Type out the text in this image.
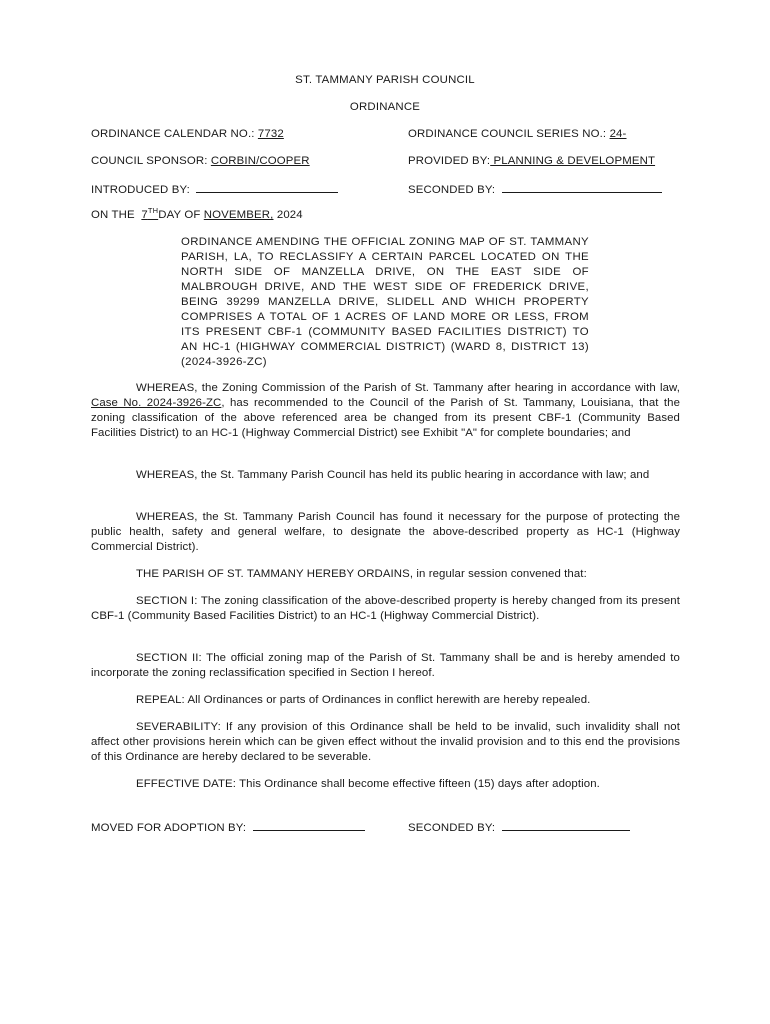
ST. TAMMANY PARISH COUNCIL
ORDINANCE
ORDINANCE CALENDAR NO.: 7732	ORDINANCE COUNCIL SERIES NO.: 24-
COUNCIL SPONSOR: CORBIN/COOPER	PROVIDED BY: PLANNING & DEVELOPMENT
INTRODUCED BY:	SECONDED BY:
ON THE 7THDAY OF NOVEMBER, 2024
ORDINANCE AMENDING THE OFFICIAL ZONING MAP OF ST. TAMMANY PARISH, LA, TO RECLASSIFY A CERTAIN PARCEL LOCATED ON THE NORTH SIDE OF MANZELLA DRIVE, ON THE EAST SIDE OF MALBROUGH DRIVE, AND THE WEST SIDE OF FREDERICK DRIVE, BEING 39299 MANZELLA DRIVE, SLIDELL AND WHICH PROPERTY COMPRISES A TOTAL OF 1 ACRES OF LAND MORE OR LESS, FROM ITS PRESENT CBF-1 (COMMUNITY BASED FACILITIES DISTRICT) TO AN HC-1 (HIGHWAY COMMERCIAL DISTRICT) (WARD 8, DISTRICT 13) (2024-3926-ZC)
WHEREAS, the Zoning Commission of the Parish of St. Tammany after hearing in accordance with law, Case No. 2024-3926-ZC, has recommended to the Council of the Parish of St. Tammany, Louisiana, that the zoning classification of the above referenced area be changed from its present CBF-1 (Community Based Facilities District) to an HC-1 (Highway Commercial District) see Exhibit "A" for complete boundaries; and
WHEREAS, the St. Tammany Parish Council has held its public hearing in accordance with law; and
WHEREAS, the St. Tammany Parish Council has found it necessary for the purpose of protecting the public health, safety and general welfare, to designate the above-described property as HC-1 (Highway Commercial District).
THE PARISH OF ST. TAMMANY HEREBY ORDAINS, in regular session convened that:
SECTION I: The zoning classification of the above-described property is hereby changed from its present CBF-1 (Community Based Facilities District) to an HC-1 (Highway Commercial District).
SECTION II: The official zoning map of the Parish of St. Tammany shall be and is hereby amended to incorporate the zoning reclassification specified in Section I hereof.
REPEAL: All Ordinances or parts of Ordinances in conflict herewith are hereby repealed.
SEVERABILITY: If any provision of this Ordinance shall be held to be invalid, such invalidity shall not affect other provisions herein which can be given effect without the invalid provision and to this end the provisions of this Ordinance are hereby declared to be severable.
EFFECTIVE DATE: This Ordinance shall become effective fifteen (15) days after adoption.
MOVED FOR ADOPTION BY:	SECONDED BY:
